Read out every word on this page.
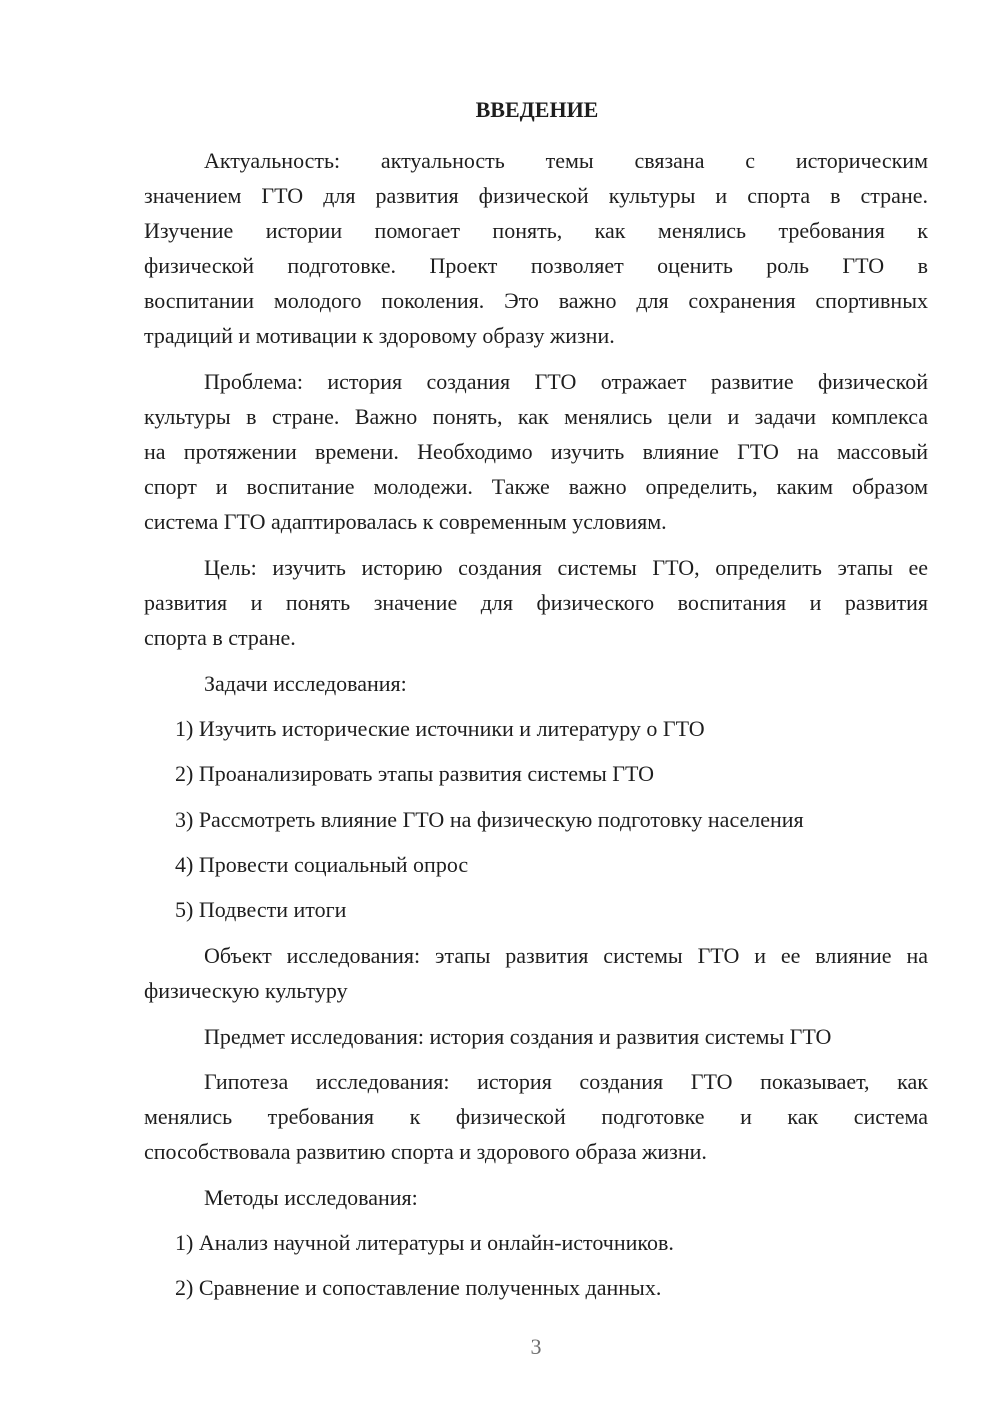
ВВЕДЕНИЕ
Актуальность: актуальность темы связана с историческим
значением ГТО для развития физической культуры и спорта в стране.
Изучение истории помогает понять, как менялись требования к
физической подготовке. Проект позволяет оценить роль ГТО в
воспитании молодого поколения. Это важно для сохранения спортивных
традиций и мотивации к здоровому образу жизни.
Проблема: история создания ГТО отражает развитие физической
культуры в стране. Важно понять, как менялись цели и задачи комплекса
на протяжении времени. Необходимо изучить влияние ГТО на массовый
спорт и воспитание молодежи. Также важно определить, каким образом
система ГТО адаптировалась к современным условиям.
Цель: изучить историю создания системы ГТО, определить этапы ее
развития и понять значение для физического воспитания и развития
спорта в стране.
Задачи исследования:
1) Изучить исторические источники и литературу о ГТО
2) Проанализировать этапы развития системы ГТО
3) Рассмотреть влияние ГТО на физическую подготовку населения
4) Провести социальный опрос
5) Подвести итоги
Объект исследования: этапы развития системы ГТО и ее влияние на
физическую культуру
Предмет исследования: история создания и развития системы ГТО
Гипотеза исследования: история создания ГТО показывает, как
менялись требования к физической подготовке и как система
способствовала развитию спорта и здорового образа жизни.
Методы исследования:
1) Анализ научной литературы и онлайн-источников.
2) Сравнение и сопоставление полученных данных.
3
